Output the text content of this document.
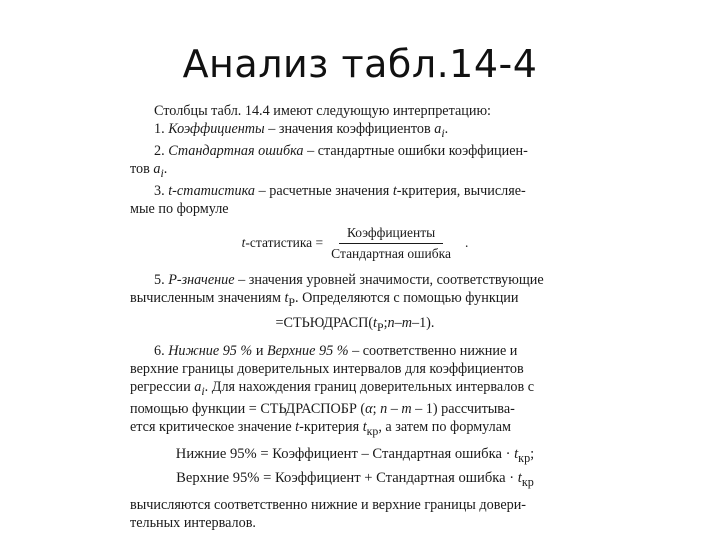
Анализ табл.14-4
Столбцы табл. 14.4 имеют следующую интерпретацию:
1. Коэффициенты – значения коэффициентов $a_i$.
2. Стандартная ошибка – стандартные ошибки коэффициен-
тов $a_i$.
3. t-статистика – расчетные значения t-критерия, вычисляе-
мые по формуле
t-статистика = $\frac{\text{Коэффициенты}}{\text{Стандартная ошибка}}$ .
5. P-значение – значения уровней значимости, соответствующие
вычисленным значениям $t_P$. Определяются с помощью функции
$=СТЬЮДРАСП(t_P;n-m-1)$.
6. Нижние 95 % и Верхние 95 % – соответственно нижние и
верхние границы доверительных интервалов для коэффициентов
регрессии $a_i$. Для нахождения границ доверительных интервалов с
помощью функции = СТЬДРАСПОБР (α; n – m – 1) рассчитыва-
ется критическое значение t-критерия $t_{кр}$, а затем по формулам
Нижние 95% = Коэффициент – Стандартная ошибка · $t_{кр}$;
Верхние 95% = Коэффициент + Стандартная ошибка · $t_{кр}$
вычисляются соответственно нижние и верхние границы довери-
тельных интервалов.
